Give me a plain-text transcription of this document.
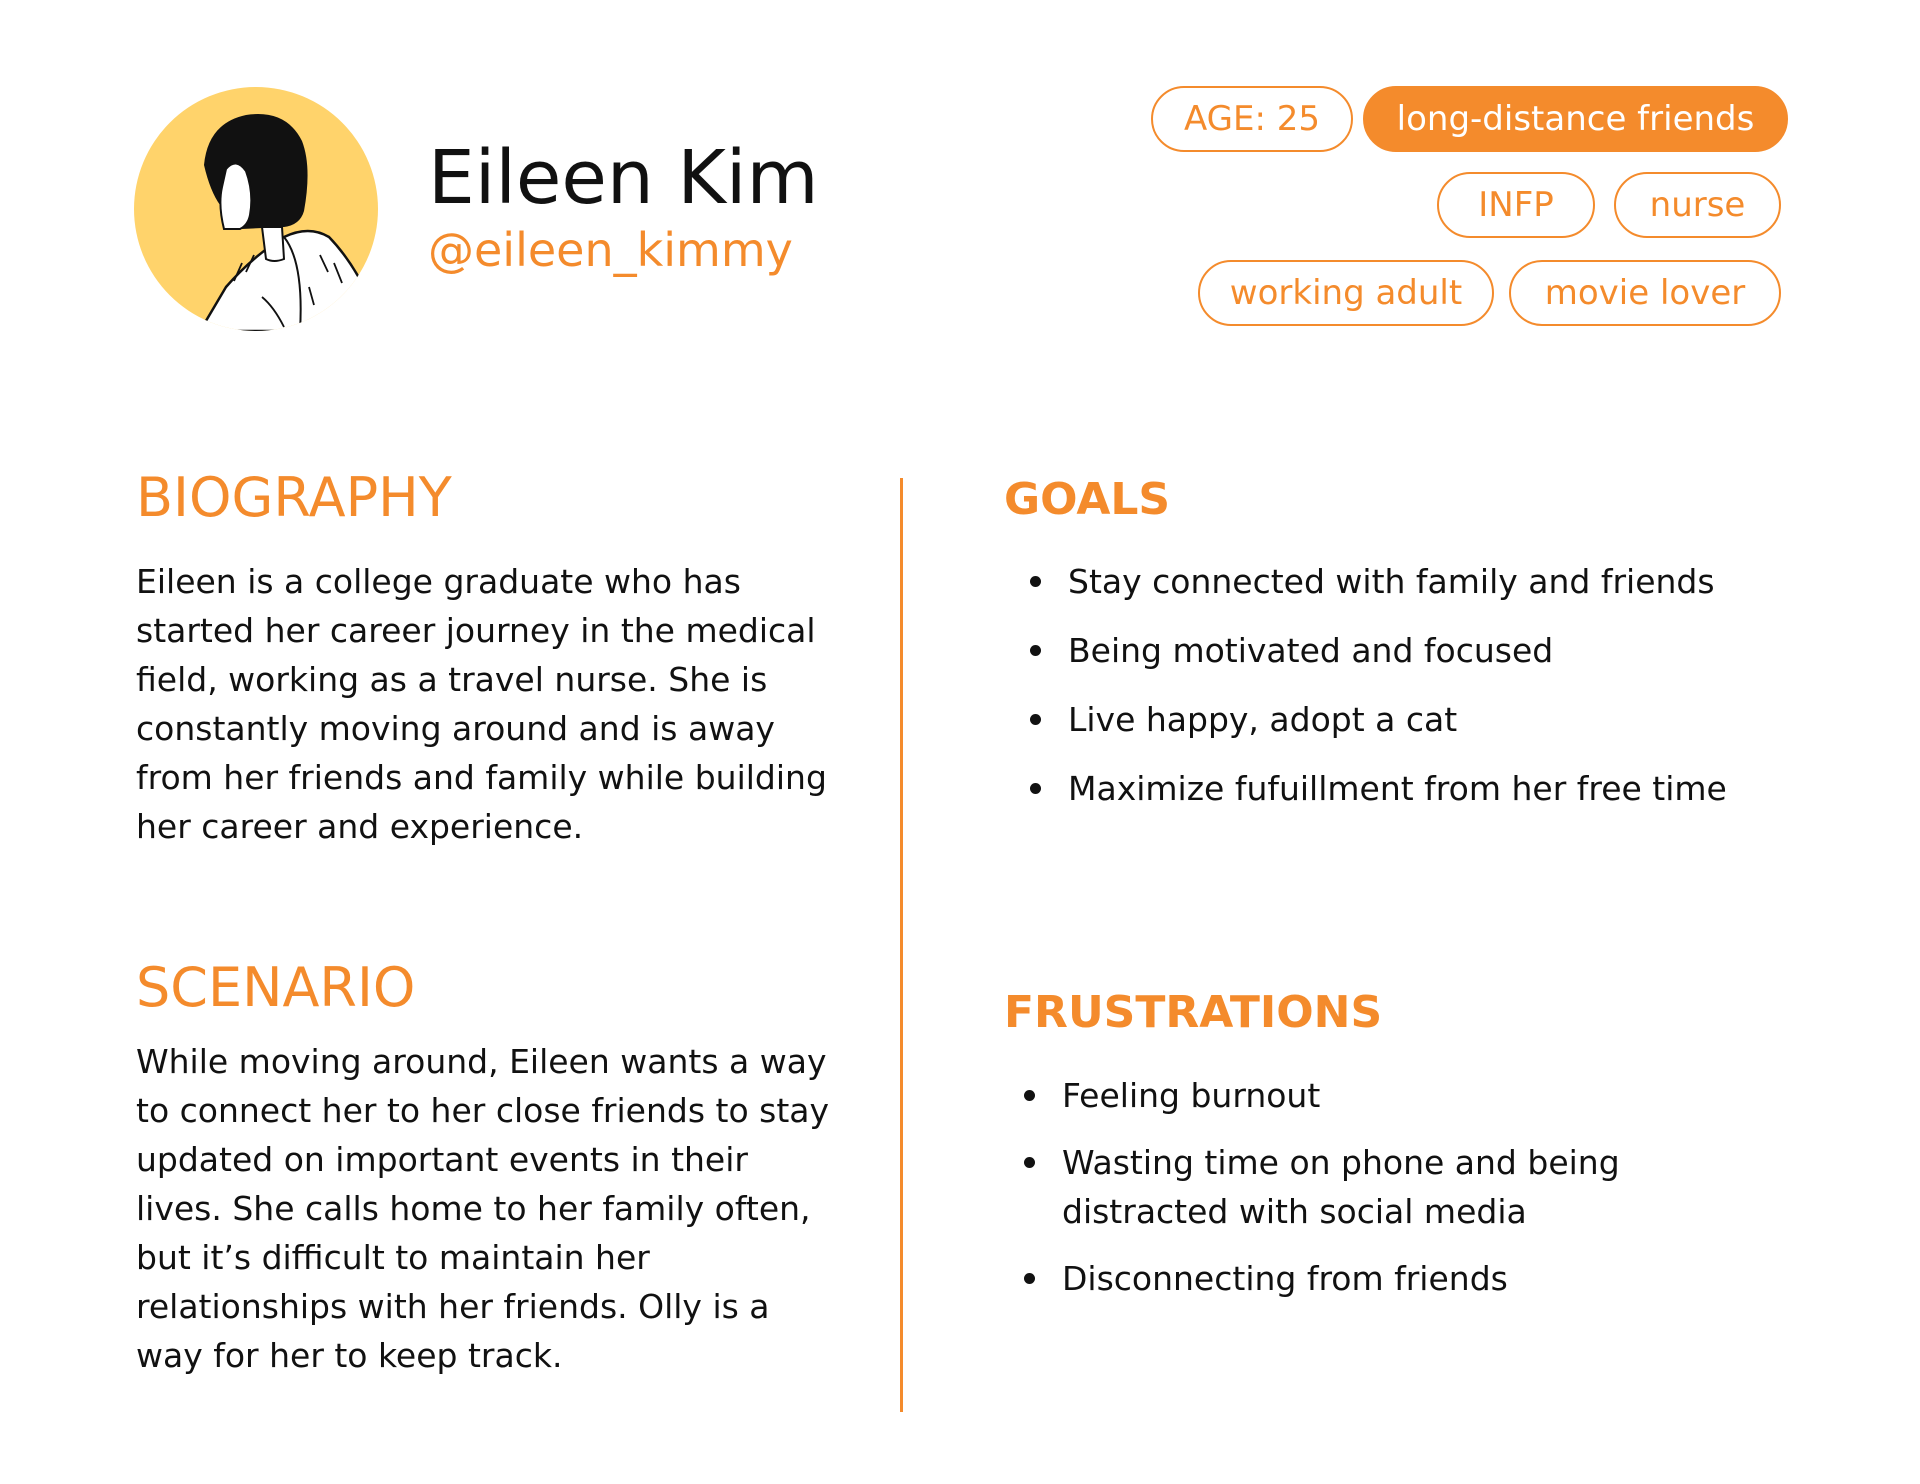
Eileen Kim
@eileen_kimmy
AGE: 25	long-distance friends
INFP	nurse
working adult	movie lover
BIOGRAPHY
Eileen is a college graduate who has started her career journey in the medical field, working as a travel nurse. She is constantly moving around and is away from her friends and family while building her career and experience.
SCENARIO
While moving around, Eileen wants a way to connect her to her close friends to stay updated on important events in their lives. She calls home to her family often, but it’s difficult to maintain her relationships with her friends. Olly is a way for her to keep track.
GOALS
Stay connected with family and friends
Being motivated and focused
Live happy, adopt a cat
Maximize fufuillment from her free time
FRUSTRATIONS
Feeling burnout
Wasting time on phone and being distracted with social media
Disconnecting from friends
